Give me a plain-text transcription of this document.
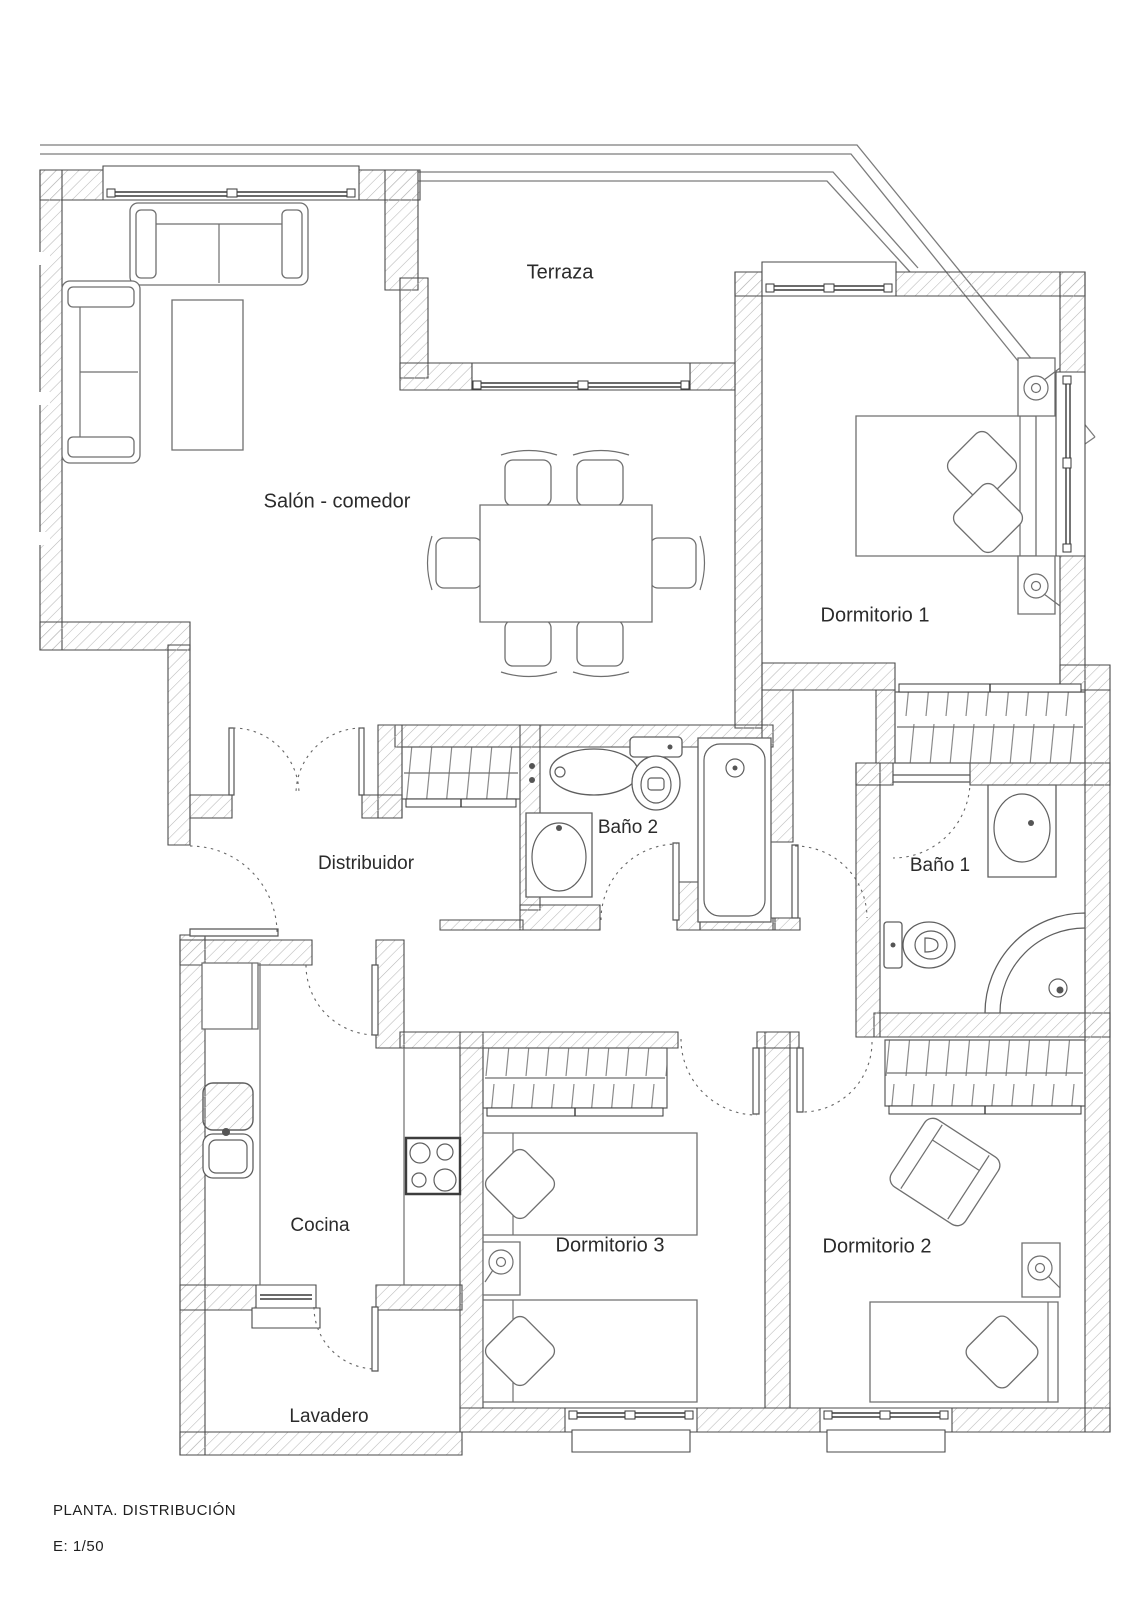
Terraza
Salón - comedor
Dormitorio 1
Distribuidor
Baño 2
Baño 1
Cocina
Dormitorio 3	Dormitorio 2
Lavadero
PLANTA. DISTRIBUCIÓN
E: 1/50
